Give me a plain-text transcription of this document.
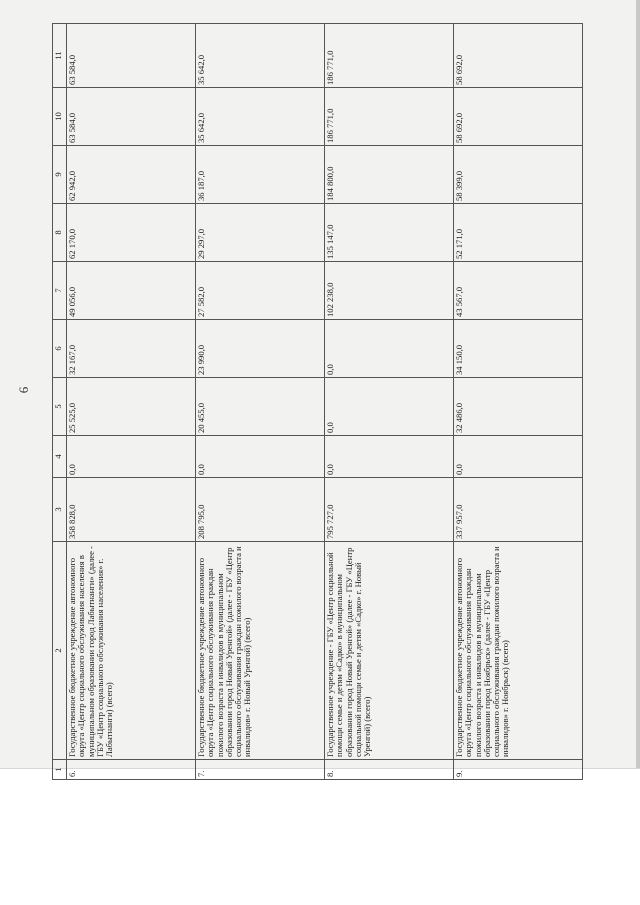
6
1	2	3	4	5	6	7	8	9	10	11
6.	Государственное бюджетное учреждение автономного округа «Центр социального обслуживания населения в муниципальном образовании город Лабытнанги» (далее - ГБУ «Центр социального обслуживания населения» г. Лабытнанги) (всего)	358 828,0	0,0	25 525,0	32 167,0	49 056,0	62 170,0	62 942,0	63 584,0	63 584,0
7.	Государственное бюджетное учреждение автономного округа «Центр социального обслуживания граждан пожилого возраста и инвалидов в муниципальном образовании город Новый Уренгой» (далее - ГБУ «Центр социального обслуживания граждан пожилого возраста и инвалидов» г. Новый Уренгой) (всего)	208 795,0	0,0	20 455,0	23 990,0	27 582,0	29 297,0	36 187,0	35 642,0	35 642,0
8.	Государственное учреждение - ГБУ «Центр социальной помощи семье и детям «Садко» в муниципальном образовании город Новый Уренгой» (далее - ГБУ «Центр социальной помощи семье и детям «Садко» г. Новый Уренгой) (всего)	795 727,0	0,0	0,0	0,0	102 238,0	135 147,0	184 800,0	186 771,0	186 771,0
9.	Государственное бюджетное учреждение автономного округа «Центр социального обслуживания граждан пожилого возраста и инвалидов в муниципальном образовании город Ноябрьск» (далее - ГБУ «Центр социального обслуживания граждан пожилого возраста и инвалидов» г. Ноябрьск) (всего)	337 957,0	0,0	32 486,0	34 150,0	43 567,0	52 171,0	58 399,0	58 692,0	58 692,0
